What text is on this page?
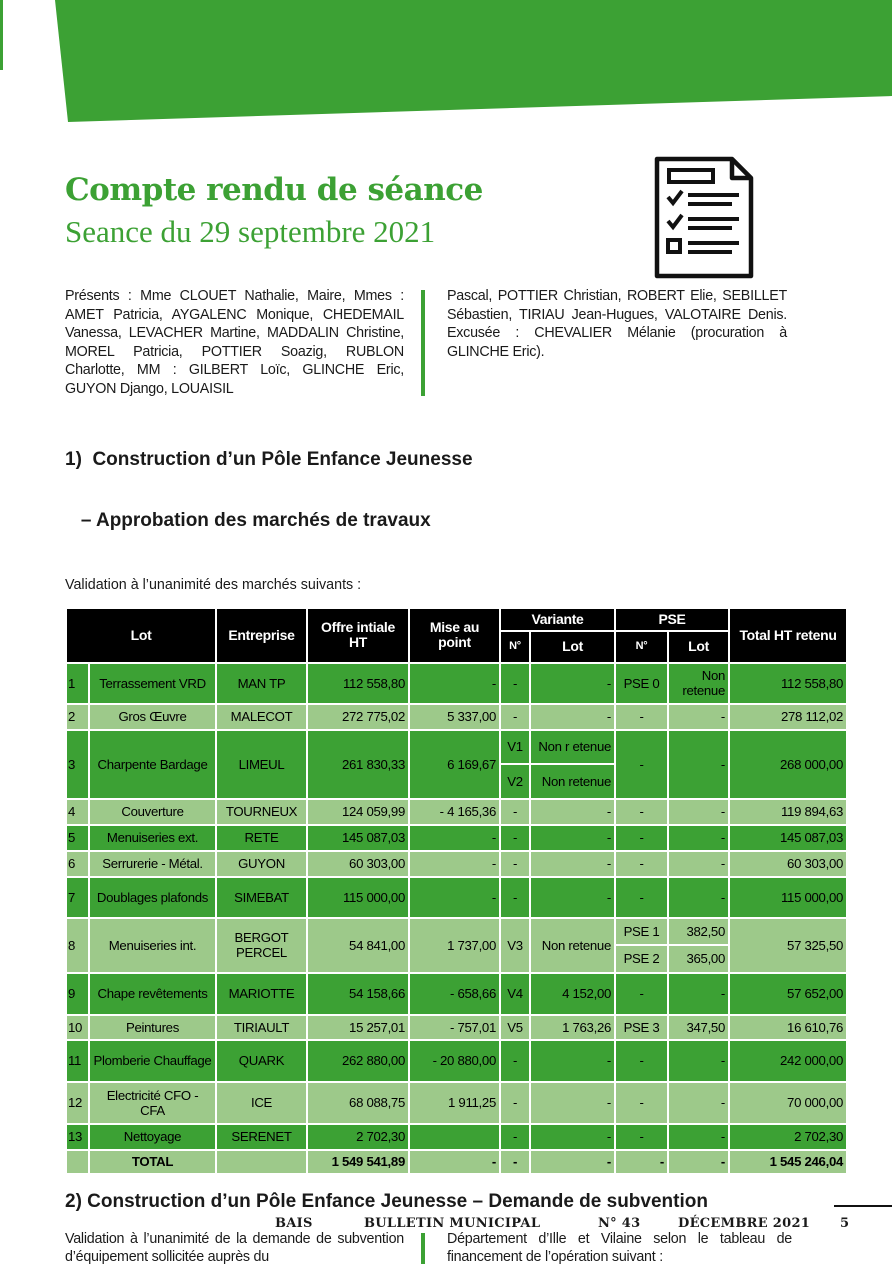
Compte rendu de séance
Seance du 29 septembre 2021
Présents : Mme CLOUET Nathalie, Maire, Mmes : AMET Patricia, AYGALENC Monique, CHEDEMAIL Vanessa, LEVACHER Martine, MADDALIN Christine, MOREL Patricia, POTTIER Soazig, RUBLON Charlotte, MM : GILBERT Loïc, GLINCHE Eric, GUYON Django, LOUAISIL
Pascal, POTTIER Christian, ROBERT Elie, SEBILLET Sébastien, TIRIAU Jean-Hugues, VALOTAIRE Denis. Excusée : CHEVALIER Mélanie (procuration à GLINCHE Eric).

1)  Construction d’un Pôle Enfance Jeunesse

– Approbation des marchés de travaux

Validation à l’unanimité des marchés suivants :
Lot		Entreprise	Offre intiale HT	Mise au point	Variante		PSE		Total HT retenu
					N°	Lot	N°	Lot	
1	Terrassement VRD	MAN TP	112 558,80	-	-	-	PSE 0	Non retenue	112 558,80
2	Gros Œuvre	MALECOT	272 775,02	5 337,00	-	-	-	-	278 112,02
3	Charpente Bardage	LIMEUL	261 830,33	6 169,67	V1	Non r etenue	-	-	268 000,00
					V2	Non retenue			
4	Couverture	TOURNEUX	124 059,99	- 4 165,36	-	-	-	-	119 894,63
5	Menuiseries ext.	RETE	145 087,03	-	-	-	-	-	145 087,03
6	Serrurerie - Métal.	GUYON	60 303,00	-	-	-	-	-	60 303,00
7	Doublages plafonds	SIMEBAT	115 000,00	-	-	-	-	-	115 000,00
8	Menuiseries int.	BERGOT PERCEL	54 841,00	1 737,00	V3	Non retenue	PSE 1	382,50	57 325,50
							PSE 2	365,00	
9	Chape revêtements	MARIOTTE	54 158,66	- 658,66	V4	4 152,00	-	-	57 652,00
10	Peintures	TIRIAULT	15 257,01	- 757,01	V5	1 763,26	PSE 3	347,50	16 610,76
11	Plomberie Chauffage	QUARK	262 880,00	- 20 880,00	-	-	-	-	242 000,00
12	Electricité CFO - CFA	ICE	68 088,75	1 911,25	-	-	-	-	70 000,00
13	Nettoyage	SERENET	2 702,30		-	-	-	-	2 702,30
	TOTAL		1 549 541,89	-	-	-	-	-	1 545 246,04
2) Construction d’un Pôle Enfance Jeunesse – Demande de subvention
Validation à l’unanimité de la demande de subvention d’équipement sollicitée auprès du
Département d’Ille et Vilaine selon le tableau de financement de l’opération suivant :
BAIS	BULLETIN MUNICIPAL	N° 43	DÉCEMBRE 2021 5
